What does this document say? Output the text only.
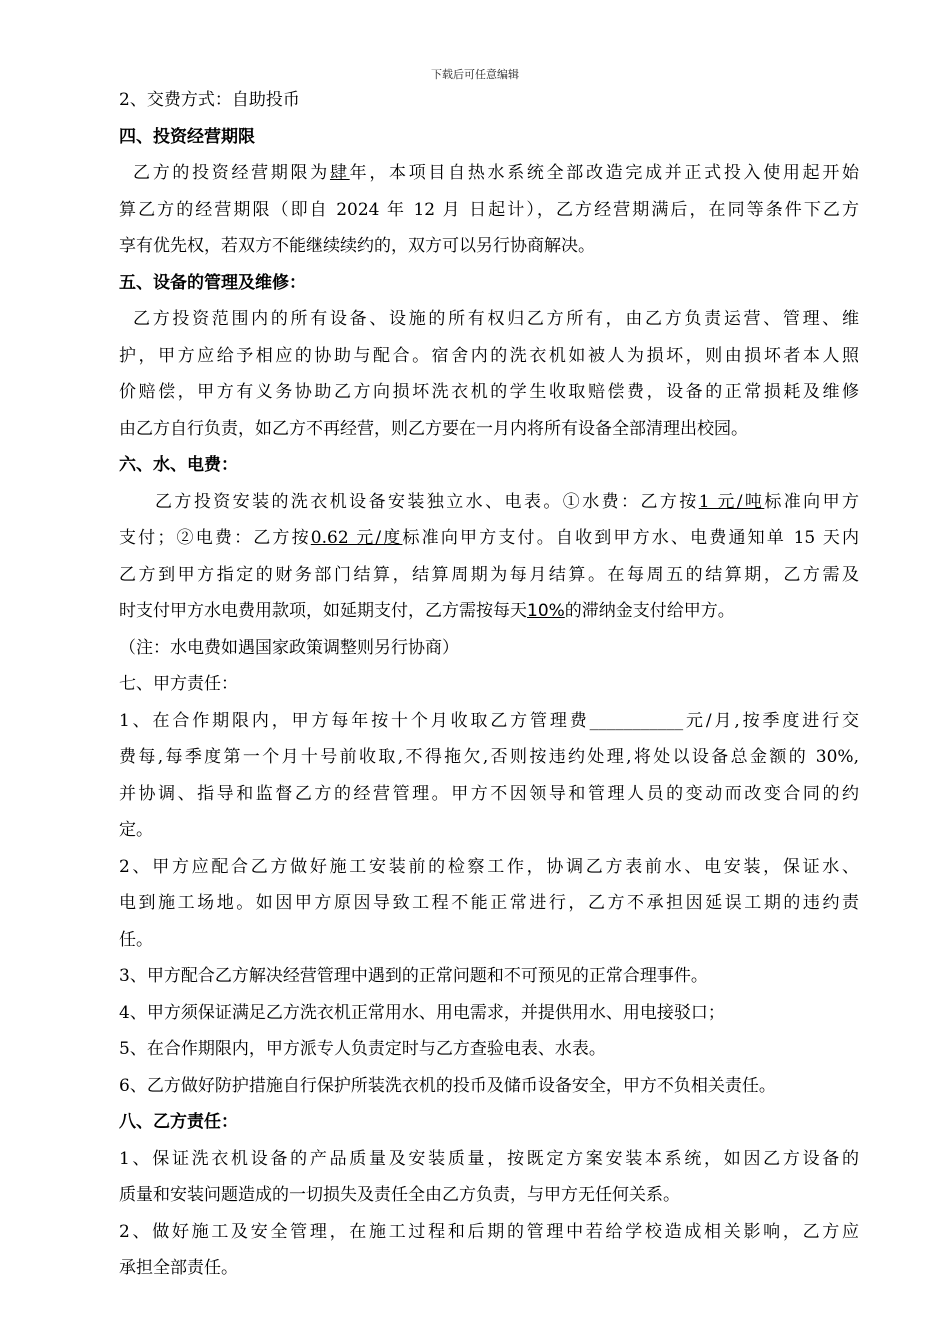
下载后可任意编辑
2、交费方式：自助投币
四、投资经营期限
乙方的投资经营期限为肆年，本项目自热水系统全部改造完成并正式投入使用起开始
算乙方的经营期限（即自 2024 年 12 月 日起计），乙方经营期满后，在同等条件下乙方
享有优先权，若双方不能继续续约的，双方可以另行协商解决。
五、设备的管理及维修：
乙方投资范围内的所有设备、设施的所有权归乙方所有，由乙方负责运营、管理、维
护，甲方应给予相应的协助与配合。宿舍内的洗衣机如被人为损坏，则由损坏者本人照
价赔偿，甲方有义务协助乙方向损坏洗衣机的学生收取赔偿费，设备的正常损耗及维修
由乙方自行负责，如乙方不再经营，则乙方要在一月内将所有设备全部清理出校园。
六、水、电费：
乙方投资安装的洗衣机设备安装独立水、电表。①水费：乙方按1 元/吨标准向甲方
支付；②电费：乙方按0.62 元/度标准向甲方支付。自收到甲方水、电费通知单 15 天内
乙方到甲方指定的财务部门结算，结算周期为每月结算。在每周五的结算期，乙方需及
时支付甲方水电费用款项，如延期支付，乙方需按每天10%的滞纳金支付给甲方。
（注：水电费如遇国家政策调整则另行协商）
七、甲方责任：
1、在合作期限内，甲方每年按十个月收取乙方管理费___________元/月,按季度进行交
费每,每季度第一个月十号前收取,不得拖欠,否则按违约处理,将处以设备总金额的 30%,
并协调、指导和监督乙方的经营管理。甲方不因领导和管理人员的变动而改变合同的约
定。
2、甲方应配合乙方做好施工安装前的检察工作，协调乙方表前水、电安装，保证水、
电到施工场地。如因甲方原因导致工程不能正常进行，乙方不承担因延误工期的违约责
任。
3、甲方配合乙方解决经营管理中遇到的正常问题和不可预见的正常合理事件。
4、甲方须保证满足乙方洗衣机正常用水、用电需求，并提供用水、用电接驳口；
5、在合作期限内，甲方派专人负责定时与乙方查验电表、水表。
6、乙方做好防护措施自行保护所装洗衣机的投币及储币设备安全，甲方不负相关责任。
八、乙方责任：
1、保证洗衣机设备的产品质量及安装质量，按既定方案安装本系统，如因乙方设备的
质量和安装问题造成的一切损失及责任全由乙方负责，与甲方无任何关系。
2、做好施工及安全管理，在施工过程和后期的管理中若给学校造成相关影响，乙方应
承担全部责任。
